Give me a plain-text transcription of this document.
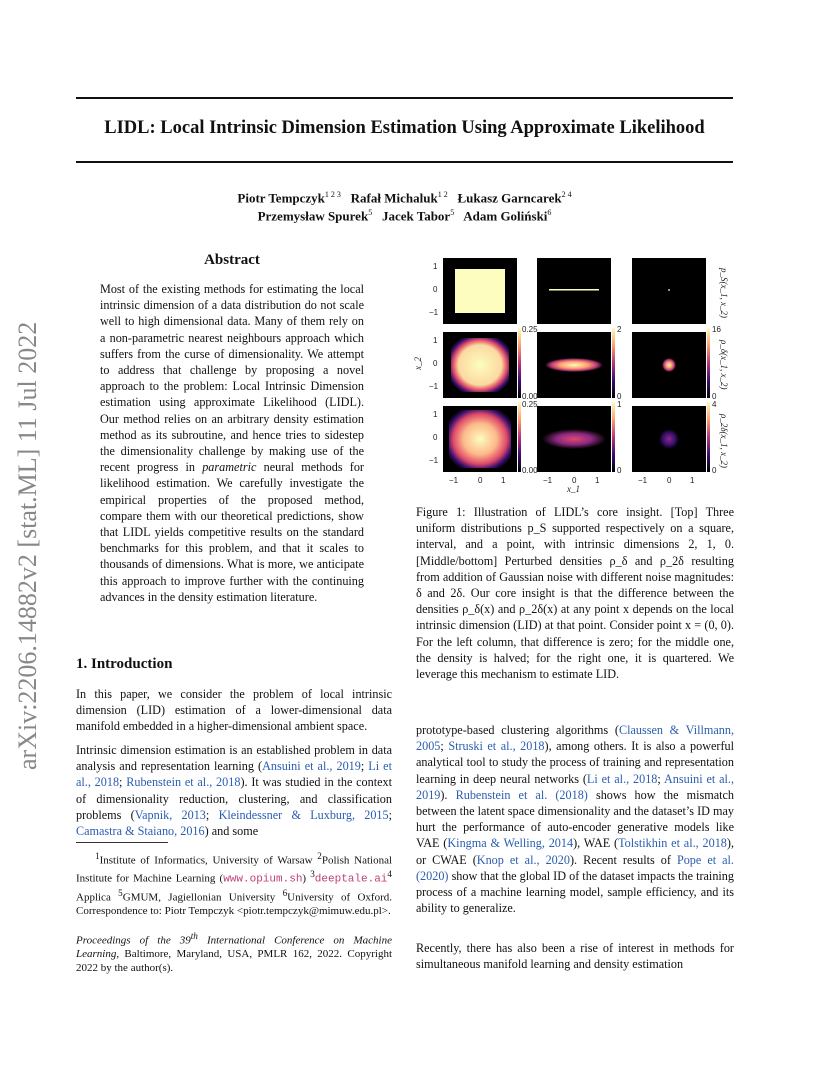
LIDL: Local Intrinsic Dimension Estimation Using Approximate Likelihood
Piotr Tempczyk$^{1 2 3}$ Rafał Michaluk$^{1 2}$ Łukasz Garncarek$^{2 4}$
Przemysław Spurek$^5$ Jacek Tabor$^5$ Adam Goliński$^6$
arXiv:2206.14882v2 [stat.ML] 11 Jul 2022
Abstract
Most of the existing methods for estimating the local intrinsic dimension of a data distribution do not scale well to high dimensional data. Many of them rely on a non-parametric nearest neighbours approach which suffers from the curse of dimensionality. We attempt to address that challenge by proposing a novel approach to the problem: Local Intrinsic Dimension estimation using approximate Likelihood (LIDL). Our method relies on an arbitrary density estimation method as its subroutine, and hence tries to sidestep the dimensionality challenge by making use of the recent progress in parametric neural methods for likelihood estimation. We carefully investigate the empirical properties of the proposed method, compare them with our theoretical predictions, show that LIDL yields competitive results on the standard benchmarks for this problem, and that it scales to thousands of dimensions. What is more, we anticipate this approach to improve further with the continuing advances in the density estimation literature.
1. Introduction
In this paper, we consider the problem of local intrinsic dimension (LID) estimation of a lower-dimensional data manifold embedded in a higher-dimensional ambient space.
Intrinsic dimension estimation is an established problem in data analysis and representation learning (Ansuini et al., 2019; Li et al., 2018; Rubenstein et al., 2018). It was studied in the context of dimensionality reduction, clustering, and classification problems (Vapnik, 2013; Kleindessner & Luxburg, 2015; Camastra & Staiano, 2016) and some
$^1$Institute of Informatics, University of Warsaw $^2$Polish National Institute for Machine Learning (www.opium.sh) $^3deeptale.ai^4$ Applica $^5$GMUM, Jagiellonian University $^6$University of Oxford. Correspondence to: Piotr Tempczyk <piotr.tempczyk@mimuw.edu.pl>.
Proceedings of the 39th International Conference on Machine Learning, Baltimore, Maryland, USA, PMLR 162, 2022. Copyright 2022 by the author(s).
0.25
0.00
0.25
0.00
2
0
1
0
16
0
4
0
1
0
−1
1
0
−1
1
0
−1
x_2
x_1
p_S(x_1, x_2)
ρ_δ(x_1, x_2)
ρ_2δ(x_1, x_2)
−1 0 1	−1 0 1	−1 0 1
Figure 1: Illustration of LIDL’s core insight. [Top] Three uniform distributions p_S supported respectively on a square, interval, and a point, with intrinsic dimensions 2, 1, 0. [Middle/bottom] Perturbed densities ρ_δ and ρ_2δ resulting from addition of Gaussian noise with different noise magnitudes: δ and 2δ. Our core insight is that the difference between the densities ρ_δ(x) and ρ_2δ(x) at any point x depends on the local intrinsic dimension (LID) at that point. Consider point x = (0, 0). For the left column, that difference is zero; for the middle one, the density is halved; for the right one, it is quartered. We leverage this mechanism to estimate LID.
prototype-based clustering algorithms (Claussen & Villmann, 2005; Struski et al., 2018), among others. It is also a powerful analytical tool to study the process of training and representation learning in deep neural networks (Li et al., 2018; Ansuini et al., 2019). Rubenstein et al. (2018) shows how the mismatch between the latent space dimensionality and the dataset’s ID may hurt the performance of auto-encoder generative models like VAE (Kingma & Welling, 2014), WAE (Tolstikhin et al., 2018), or CWAE (Knop et al., 2020). Recent results of Pope et al. (2020) show that the global ID of the dataset impacts the training process of a machine learning model, sample efficiency, and its ability to generalize.
Recently, there has also been a rise of interest in methods for simultaneous manifold learning and density estimation
